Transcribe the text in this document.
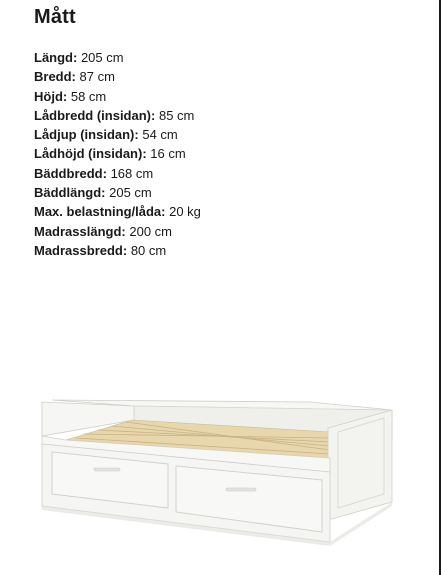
Mått
Längd: 205 cm
Bredd: 87 cm
Höjd: 58 cm
Lådbredd (insidan): 85 cm
Lådjup (insidan): 54 cm
Lådhöjd (insidan): 16 cm
Bäddbredd: 168 cm
Bäddlängd: 205 cm
Max. belastning/låda: 20 kg
Madrasslängd: 200 cm
Madrassbredd: 80 cm
